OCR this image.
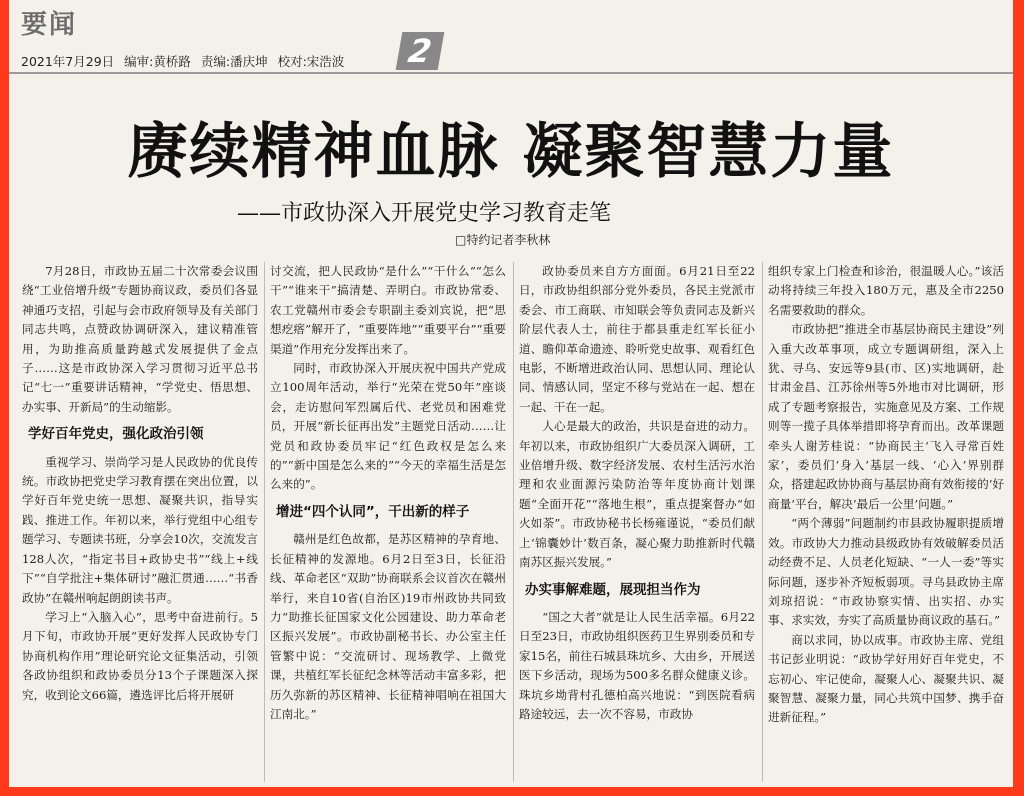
要闻
2021年7月29日 编审:黄桥路 责编:潘庆坤 校对:宋浩波	2
赓续精神血脉 凝聚智慧力量
——市政协深入开展党史学习教育走笔
□特约记者李秋林

7月28日，市政协五届二十次常委会议围绕“工业倍增升级”专题协商议政，委员们各显神通巧支招，引起与会市政府领导及有关部门同志共鸣，点赞政协调研深入，建议精准管用，为助推高质量跨越式发展提供了金点子……这是市政协深入学习贯彻习近平总书记“七一”重要讲话精神，“学党史、悟思想、办实事、开新局”的生动缩影。

学好百年党史，强化政治引领

重视学习、崇尚学习是人民政协的优良传统。市政协把党史学习教育摆在突出位置，以学好百年党史统一思想、凝聚共识，指导实践、推进工作。年初以来，举行党组中心组专题学习、专题读书班，分享会10次，交流发言128人次，“指定书目+政协史书”“线上+线下”“自学批注+集体研讨”融汇贯通……“书香政协”在赣州响起朗朗读书声。

学习上“入脑入心”，思考中奋进前行。5月下旬，市政协开展“更好发挥人民政协专门协商机构作用”理论研究论文征集活动，引领各政协组织和政协委员分13个子课题深入探究，收到论文66篇，遴选评比后将开展研

讨交流，把人民政协“是什么”“干什么”“怎么干”“谁来干”搞清楚、弄明白。市政协常委、农工党赣州市委会专职副主委刘宾说，把“思想疙瘩”解开了，“重要阵地”“重要平台”“重要渠道”作用充分发挥出来了。

同时，市政协深入开展庆祝中国共产党成立100周年活动，举行“光荣在党50年”座谈会，走访慰问军烈属后代、老党员和困难党员，开展“新长征再出发”主题党日活动……让党员和政协委员牢记“红色政权是怎么来的”“新中国是怎么来的”“今天的幸福生活是怎么来的”。

增进“四个认同”，干出新的样子

赣州是红色故都，是苏区精神的孕育地、长征精神的发源地。6月2日至3日，长征沿线、革命老区“双助”协商联系会议首次在赣州举行，来自10省(自治区)19市州政协共同致力“助推长征国家文化公园建设、助力革命老区振兴发展”。市政协副秘书长、办公室主任管繁中说：“交流研讨、现场教学、上微党课，共植红军长征纪念林等活动丰富多彩，把历久弥新的苏区精神、长征精神唱响在祖国大江南北。”

政协委员来自方方面面。6月21日至22日，市政协组织部分党外委员，各民主党派市委会、市工商联、市知联会等负责同志及新兴阶层代表人士，前往于都县重走红军长征小道、瞻仰革命遗迹、聆听党史故事、观看红色电影，不断增进政治认同、思想认同、理论认同、情感认同，坚定不移与党站在一起、想在一起、干在一起。

人心是最大的政治，共识是奋进的动力。年初以来，市政协组织广大委员深入调研，工业倍增升级、数字经济发展、农村生活污水治理和农业面源污染防治等年度协商计划课题“全面开花”“落地生根”，重点提案督办“如火如荼”。市政协秘书长杨雍谨说，“委员们献上‘锦囊妙计’数百条，凝心聚力助推新时代赣南苏区振兴发展。”

办实事解难题，展现担当作为

“国之大者”就是让人民生活幸福。6月22日至23日，市政协组织医药卫生界别委员和专家15名，前往石城县珠坑乡、大由乡，开展送医下乡活动，现场为500多名群众健康义诊。珠坑乡坳背村孔德柏高兴地说：“到医院看病路途较远，去一次不容易，市政协

组织专家上门检查和诊治，很温暖人心。”该活动将持续三年投入180万元，惠及全市2250名需要救助的群众。

市政协把“推进全市基层协商民主建设”列入重大改革事项，成立专题调研组，深入上犹、寻乌、安远等9县(市、区)实地调研，赴甘肃金昌、江苏徐州等5外地市对比调研，形成了专题考察报告，实施意见及方案、工作规则等一揽子具体举措即将孕育而出。改革课题牵头人谢芳桂说：“协商民主‘飞入寻常百姓家’，委员们‘身入’基层一线、‘心入’界别群众，搭建起政协协商与基层协商有效衔接的‘好商量’平台，解决‘最后一公里’问题。”

“两个薄弱”问题制约市县政协履职提质增效。市政协大力推动县级政协有效破解委员活动经费不足、人员老化短缺、“一人一委”等实际问题，逐步补齐短板弱项。寻乌县政协主席刘琼招说：“市政协察实情、出实招、办实事、求实效，夯实了高质量协商议政的基石。”

商以求同，协以成事。市政协主席、党组书记彭业明说：“政协学好用好百年党史，不忘初心、牢记使命，凝聚人心、凝聚共识、凝聚智慧、凝聚力量，同心共筑中国梦、携手奋进新征程。”
